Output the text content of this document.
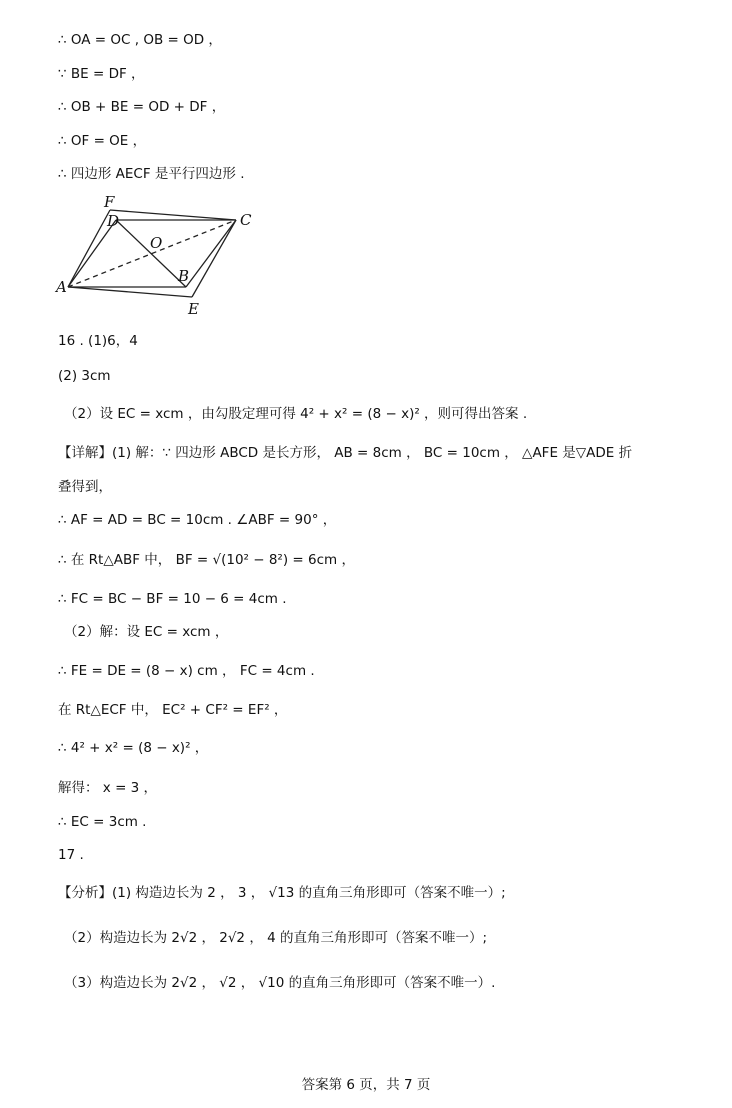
∴ OA = OC , OB = OD ，
∵ BE = DF ，
∴ OB + BE = OD + DF ，
∴ OF = OE ，
∴ 四边形 AECF 是平行四边形 .
F
D	C
O
A
B
E
16 . (1)6，4
(2) 3cm
（2）设 EC = xcm ，由勾股定理可得 4² + x² = (8 − x)² ，则可得出答案 .
【详解】(1) 解：∵ 四边形 ABCD 是长方形， AB = 8cm ， BC = 10cm ， △AFE 是▽ADE 折
叠得到，
∴ AF = AD = BC = 10cm . ∠ABF = 90° ，
∴ 在 Rt△ABF 中， BF = √(10² − 8²) = 6cm ，
∴ FC = BC − BF = 10 − 6 = 4cm .
（2）解：设 EC = xcm ，
∴ FE = DE = (8 − x) cm ， FC = 4cm .
在 Rt△ECF 中， EC² + CF² = EF² ，
∴ 4² + x² = (8 − x)² ，
解得： x = 3 ，
∴ EC = 3cm .
17 .
【分析】(1) 构造边长为 2 ， 3 ， √13 的直角三角形即可（答案不唯一）;
（2）构造边长为 2√2 ， 2√2 ， 4 的直角三角形即可（答案不唯一）;
（3）构造边长为 2√2 ， √2 ， √10 的直角三角形即可（答案不唯一）.
答案第 6 页，共 7 页
